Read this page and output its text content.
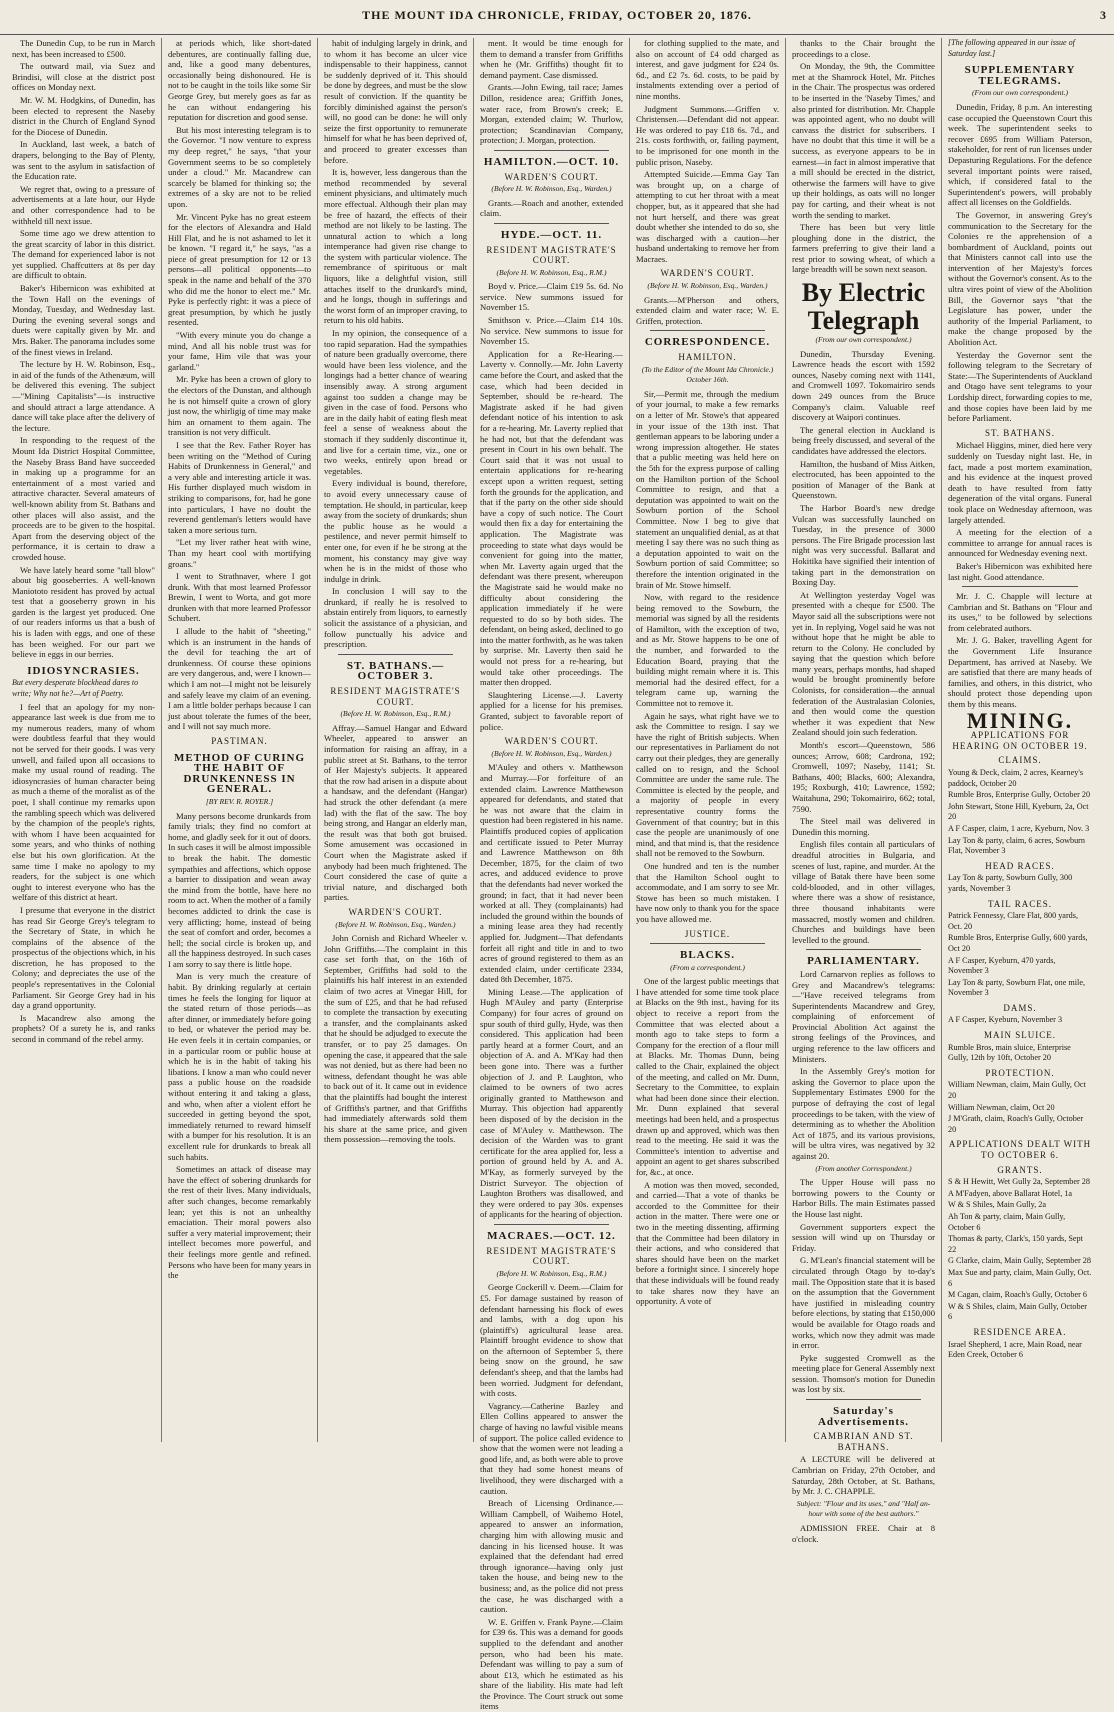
THE MOUNT IDA CHRONICLE, FRIDAY, OCTOBER 20, 1876.	3
The Dunedin Cup, to be run in March next, has been increased to £500.
The outward mail, via Suez and Brindisi, will close at the district post offices on Monday next.
Mr. W. M. Hodgkins, of Dunedin, has been elected to represent the Naseby district in the Church of England Synod for the Diocese of Dunedin.
In Auckland, last week, a batch of drapers, belonging to the Bay of Plenty, was sent to the asylum in satisfaction of the Education rate.
We regret that, owing to a pressure of advertisements at a late hour, our Hyde and other correspondence had to be withheld till next issue.
Some time ago we drew attention to the great scarcity of labor in this district. The demand for experienced labor is not yet supplied. Chaffcutters at 8s per day are difficult to obtain.
Baker's Hibernicon was exhibited at the Town Hall on the evenings of Monday, Tuesday, and Wednesday last. During the evening several songs and duets were capitally given by Mr. and Mrs. Baker. The panorama includes some of the finest views in Ireland.
The lecture by H. W. Robinson, Esq., in aid of the funds of the Athenæum, will be delivered this evening. The subject—"Mining Capitalists"—is instructive and should attract a large attendance. A dance will take place after the delivery of the lecture.
In responding to the request of the Mount Ida District Hospital Committee, the Naseby Brass Band have succeeded in making up a programme for an entertainment of a most varied and attractive character. Several amateurs of well-known ability from St. Bathans and other places will also assist, and the proceeds are to be given to the hospital. Apart from the deserving object of the performance, it is certain to draw a crowded house.
We have lately heard some "tall blow" about big gooseberries. A well-known Maniototo resident has proved by actual test that a gooseberry grown in his garden is the largest yet produced. One of our readers informs us that a bush of his is laden with eggs, and one of these has been weighed. For our part we believe in eggs in our berries.
IDIOSYNCRASIES.
But every desperate blockhead dares to write; Why not he?—Art of Poetry.
I feel that an apology for my non-appearance last week is due from me to my numerous readers, many of whom were doubtless fearful that they would not be served for their goods. I was very unwell, and failed upon all occasions to make my usual round of reading. The idiosyncrasies of human character being as much a theme of the moralist as of the poet, I shall continue my remarks upon the rambling speech which was delivered by the champion of the people's rights, with whom I have been acquainted for some years, and who thinks of nothing else but his own glorification. At the same time I make no apology to my readers, for the subject is one which ought to interest everyone who has the welfare of this district at heart.
I presume that everyone in the district has read Sir George Grey's telegram to the Secretary of State, in which he complains of the absence of the prospectus of the objections which, in his discretion, he has proposed to the Colony; and depreciates the use of the people's representatives in the Colonial Parliament. Sir George Grey had in his day a grand opportunity.
Is Macandrew also among the prophets? Of a surety he is, and ranks second in command of the rebel army.
at periods which, like short-dated debentures, are continually falling due, and, like a good many debentures, occasionally being dishonoured. He is not to be caught in the toils like some Sir George Grey, but merely goes as far as he can without endangering his reputation for discretion and good sense.
But his most interesting telegram is to the Governor. "I now venture to express my deep regret," he says, "that your Government seems to be so completely under a cloud." Mr. Macandrew can scarcely be blamed for thinking so; the extremes of a sky are not to be relied upon.
Mr. Vincent Pyke has no great esteem for the electors of Alexandra and Hald Hill Flat, and he is not ashamed to let it be known. "I regard it," he says, "as a piece of great presumption for 12 or 13 persons—all political opponents—to speak in the name and behalf of the 370 who did me the honor to elect me." Mr. Pyke is perfectly right: it was a piece of great presumption, by which he justly resented.
"With every minute you do change a mind, And all his noble trust was for your fame, Him vile that was your garland."
Mr. Pyke has been a crown of glory to the electors of the Dunstan, and although he is not himself quite a crown of glory just now, the whirligig of time may make him an ornament to them again. The transition is not very difficult.
I see that the Rev. Father Royer has been writing on the "Method of Curing Habits of Drunkenness in General," and a very able and interesting article it was. His further displayed much wisdom in striking to comparisons, for, had he gone into particulars, I have no doubt the reverend gentleman's letters would have taken a more serious turn.
"Let my liver rather heat with wine, Than my heart cool with mortifying groans."
I went to Strathnaver, where I got drunk. With that most learned Professor Brewin, I went to Worta, and got more drunken with that more learned Professor Schubert.
I allude to the habit of "sheeting," which is an instrument in the hands of the devil for teaching the art of drunkenness. Of course these opinions are very dangerous, and, were I known—which I am not—I might not be leisurely and safely leave my claim of an evening. I am a little bolder perhaps because I can just about tolerate the fumes of the beer, and I will not say much more.
PASTIMAN.
METHOD OF CURING THE HABIT OF DRUNKENNESS IN GENERAL.
[BY REV. R. ROYER.]
Many persons become drunkards from family trials; they find no comfort at home, and gladly seek for it out of doors. In such cases it will be almost impossible to break the habit. The domestic sympathies and affections, which oppose a barrier to dissipation and wean away the mind from the bottle, have here no room to act. When the mother of a family becomes addicted to drink the case is very afflicting; home, instead of being the seat of comfort and order, becomes a hell; the social circle is broken up, and all the happiness destroyed. In such cases I am sorry to say there is little hope.
Man is very much the creature of habit. By drinking regularly at certain times he feels the longing for liquor at the stated return of those periods—as after dinner, or immediately before going to bed, or whatever the period may be. He even feels it in certain companies, or in a particular room or public house at which he is in the habit of taking his libations. I know a man who could never pass a public house on the roadside without entering it and taking a glass, and who, when after a violent effort he succeeded in getting beyond the spot, immediately returned to reward himself with a bumper for his resolution. It is an excellent rule for drunkards to break all such habits.
Sometimes an attack of disease may have the effect of sobering drunkards for the rest of their lives. Many individuals, after such changes, become remarkably lean; yet this is not an unhealthy emaciation. Their moral powers also suffer a very material improvement; their intellect becomes more powerful, and their feelings more gentle and refined. Persons who have been for many years in the
habit of indulging largely in drink, and to whom it has become an ulcer vice indispensable to their happiness, cannot be suddenly deprived of it. This should be done by degrees, and must be the slow result of conviction. If the quantity be forcibly diminished against the person's will, no good can be done: he will only seize the first opportunity to remunerate himself for what he has been deprived of, and proceed to greater excesses than before.
It is, however, less dangerous than the method recommended by several eminent physicians, and ultimately much more effectual. Although their plan may be free of hazard, the effects of their method are not likely to be lasting. The unnatural action to which a long intemperance had given rise change to the system with particular violence. The remembrance of spirituous or malt liquors, like a delightful vision, still attaches itself to the drunkard's mind, and he longs, though in sufferings and the worst form of an improper craving, to return to his old habits.
In my opinion, the consequence of a too rapid separation. Had the sympathies of nature been gradually overcome, there would have been less violence, and the longings had a better chance of wearing insensibly away. A strong argument against too sudden a change may be given in the case of food. Persons who are in the daily habit of eating flesh meat feel a sense of weakness about the stomach if they suddenly discontinue it, and live for a certain time, viz., one or two weeks, entirely upon bread or vegetables.
Every individual is bound, therefore, to avoid every unnecessary cause of temptation. He should, in particular, keep away from the society of drunkards; shun the public house as he would a pestilence, and never permit himself to enter one, for even if he be strong at the moment, his constancy may give way when he is in the midst of those who indulge in drink.
In conclusion I will say to the drunkard, if really he is resolved to abstain entirely from liquors, to earnestly solicit the assistance of a physician, and follow punctually his advice and prescription.
ST. BATHANS.—OCTOBER 3.
RESIDENT MAGISTRATE'S COURT.
(Before H. W. Robinson, Esq., R.M.)
Affray.—Samuel Hangar and Edward Wheeler, appeared to answer an information for raising an affray, in a public street at St. Bathans, to the terror of Her Majesty's subjects. It appeared that the row had arisen in a dispute about a handsaw, and the defendant (Hangar) had struck the other defendant (a mere lad) with the flat of the saw. The boy being strong, and Hangar an elderly man, the result was that both got bruised. Some amusement was occasioned in Court when the Magistrate asked if anybody had been much frightened. The Court considered the case of quite a trivial nature, and discharged both parties.
WARDEN'S COURT.
(Before H. W. Robinson, Esq., Warden.)
John Cornish and Richard Wheeler v. John Griffiths.—The complaint in this case set forth that, on the 16th of September, Griffiths had sold to the plaintiffs his half interest in an extended claim of two acres at Vinegar Hill, for the sum of £25, and that he had refused to complete the transaction by executing a transfer, and the complainants asked that he should be adjudged to execute the transfer, or to pay 25 damages. On opening the case, it appeared that the sale was not denied, but as there had been no witness, defendant thought he was able to back out of it. It came out in evidence that the plaintiffs had bought the interest of Griffiths's partner, and that Griffiths had immediately afterwards sold them his share at the same price, and given them possession—removing the tools.
ment. It would be time enough for them to demand a transfer from Griffiths when he (Mr. Griffiths) thought fit to demand payment. Case dismissed.
Grants.—John Ewing, tail race; James Dillon, residence area; Griffith Jones, water race, from Brown's creek; E. Morgan, extended claim; W. Thurlow, protection; Scandinavian Company, protection; J. Morgan, protection.
HAMILTON.—OCT. 10.
WARDEN'S COURT.
(Before H. W. Robinson, Esq., Warden.)
Grants.—Roach and another, extended claim.
HYDE.—OCT. 11.
RESIDENT MAGISTRATE'S COURT.
(Before H. W. Robinson, Esq., R.M.)
Boyd v. Price.—Claim £19 5s. 6d. No service. New summons issued for November 15.
Smithson v. Price.—Claim £14 10s. No service. New summons to issue for November 15.
Application for a Re-Hearing.—Laverty v. Connolly.—Mr. John Laverty came before the Court, and asked that the case, which had been decided in September, should be re-heard. The Magistrate asked if he had given defendant notice of his intention to ask for a re-hearing. Mr. Laverty replied that he had not, but that the defendant was present in Court in his own behalf. The Court said that it was not usual to entertain applications for re-hearing except upon a written request, setting forth the grounds for the application, and that if the party on the other side should have a copy of such notice. The Court would then fix a day for entertaining the application. The Magistrate was proceeding to state what days would be convenient for going into the matter, when Mr. Laverty again urged that the defendant was there present, whereupon the Magistrate said he would make no difficulty about considering the application immediately if he were requested to do so by both sides. The defendant, on being asked, declined to go into the matter forthwith, as he was taken by surprise. Mr. Laverty then said he would not press for a re-hearing, but would take other proceedings. The matter then dropped.
Slaughtering License.—J. Laverty applied for a license for his premises. Granted, subject to favorable report of police.
WARDEN'S COURT.
(Before H. W. Robinson, Esq., Warden.)
M'Auley and others v. Matthewson and Murray.—For forfeiture of an extended claim. Lawrence Matthewson appeared for defendants, and stated that he was not aware that the claim in question had been registered in his name. Plaintiffs produced copies of application and certificate issued to Peter Murray and Lawrence Matthewson on 8th December, 1875, for the claim of two acres, and adduced evidence to prove that the defendants had never worked the ground; in fact, that it had never been worked at all. They (complainants) had included the ground within the bounds of a mining lease area they had recently applied for. Judgment—That defendants forfeit all right and title in and to two acres of ground registered to them as an extended claim, under certificate 2334, dated 8th December, 1875.
Mining Lease.—The application of Hugh M'Auley and party (Enterprise Company) for four acres of ground on spur south of third gully, Hyde, was then considered. This application had been partly heard at a former Court, and an objection of A. and A. M'Kay had then been gone into. There was a further objection of J. and P. Laughton, who claimed to be owners of two acres originally granted to Matthewson and Murray. This objection had apparently been disposed of by the decision in the case of M'Auley v. Matthewson. The decision of the Warden was to grant certificate for the area applied for, less a portion of ground held by A. and A. M'Kay, as formerly surveyed by the District Surveyor. The objection of Laughton Brothers was disallowed, and they were ordered to pay 30s. expenses of applicants for the hearing of objection.
MACRAES.—OCT. 12.
RESIDENT MAGISTRATE'S COURT.
(Before H. W. Robinson, Esq., R.M.)
George Cockerill v. Deem.—Claim for £5. For damage sustained by reason of defendant harnessing his flock of ewes and lambs, with a dog upon his (plaintiff's) agricultural lease area. Plaintiff brought evidence to show that on the afternoon of September 5, there being snow on the ground, he saw defendant's sheep, and that the lambs had been worried. Judgment for defendant, with costs.
Vagrancy.—Catherine Bazley and Ellen Collins appeared to answer the charge of having no lawful visible means of support. The police called evidence to show that the women were not leading a good life, and, as both were able to prove that they had some honest means of livelihood, they were discharged with a caution.
Breach of Licensing Ordinance.—William Campbell, of Waihemo Hotel, appeared to answer an information, charging him with allowing music and dancing in his licensed house. It was explained that the defendant had erred through ignorance—having only just taken the house, and being new to the business; and, as the police did not press the case, he was discharged with a caution.
W. E. Griffen v. Frank Payne.—Claim for £39 6s. This was a demand for goods supplied to the defendant and another person, who had been his mate. Defendant was willing to pay a sum of about £13, which he estimated as his share of the liability. His mate had left the Province. The Court struck out some items
for clothing supplied to the mate, and also on account of £4 odd charged as interest, and gave judgment for £24 0s. 6d., and £2 7s. 6d. costs, to be paid by instalments extending over a period of nine months.
Judgment Summons.—Griffen v. Christensen.—Defendant did not appear. He was ordered to pay £18 6s. 7d., and 21s. costs forthwith, or, failing payment, to be imprisoned for one month in the public prison, Naseby.
Attempted Suicide.—Emma Gay Tan was brought up, on a charge of attempting to cut her throat with a meat chopper, but, as it appeared that she had not hurt herself, and there was great doubt whether she intended to do so, she was discharged with a caution—her husband undertaking to remove her from Macraes.
WARDEN'S COURT.
(Before H. W. Robinson, Esq., Warden.)
Grants.—M'Pherson and others, extended claim and water race; W. E. Griffen, protection.
CORRESPONDENCE.
HAMILTON.
(To the Editor of the Mount Ida Chronicle.) October 16th.
Sir,—Permit me, through the medium of your journal, to make a few remarks on a letter of Mr. Stowe's that appeared in your issue of the 13th inst. That gentleman appears to be laboring under a wrong impression altogether. He states that a public meeting was held here on the 5th for the express purpose of calling on the Hamilton portion of the School Committee to resign, and that a deputation was appointed to wait on the Sowburn portion of the School Committee. Now I beg to give that statement an unqualified denial, as at that meeting I say there was no such thing as a deputation appointed to wait on the Sowburn portion of said Committee; so therefore the intention originated in the brain of Mr. Stowe himself.
Now, with regard to the residence being removed to the Sowburn, the memorial was signed by all the residents of Hamilton, with the exception of two, and as Mr. Stowe happens to be one of the number, and forwarded to the Education Board, praying that the building might remain where it is. This memorial had the desired effect, for a telegram came up, warning the Committee not to remove it.
Again he says, what right have we to ask the Committee to resign. I say we have the right of British subjects. When our representatives in Parliament do not carry out their pledges, they are generally called on to resign, and the School Committee are under the same rule. The Committee is elected by the people, and a majority of people in every representative country forms the Government of that country; but in this case the people are unanimously of one mind, and that mind is, that the residence shall not be removed to the Sowburn.
One hundred and ten is the number that the Hamilton School ought to accommodate, and I am sorry to see Mr. Stowe has been so much mistaken. I have now only to thank you for the space you have allowed me.
JUSTICE.
BLACKS.
(From a correspondent.)
One of the largest public meetings that I have attended for some time took place at Blacks on the 9th inst., having for its object to receive a report from the Committee that was elected about a month ago to take steps to form a Company for the erection of a flour mill at Blacks. Mr. Thomas Dunn, being called to the Chair, explained the object of the meeting, and called on Mr. Dunn, Secretary to the Committee, to explain what had been done since their election. Mr. Dunn explained that several meetings had been held, and a prospectus drawn up and approved, which was then read to the meeting. He said it was the Committee's intention to advertise and appoint an agent to get shares subscribed for, &c., at once.
A motion was then moved, seconded, and carried—That a vote of thanks be accorded to the Committee for their action in the matter. There were one or two in the meeting dissenting, affirming that the Committee had been dilatory in their actions, and who considered that shares should have been on the market before a fortnight since. I sincerely hope that these individuals will be found ready to take shares now they have an opportunity. A vote of
thanks to the Chair brought the proceedings to a close.
On Monday, the 9th, the Committee met at the Shamrock Hotel, Mr. Pitches in the Chair. The prospectus was ordered to be inserted in the 'Naseby Times,' and also printed for distribution. Mr. Chapple was appointed agent, who no doubt will canvass the district for subscribers. I have no doubt that this time it will be a success, as everyone appears to be in earnest—in fact in almost imperative that a mill should be erected in the district, otherwise the farmers will have to give up their holdings, as oats will no longer pay for carting, and their wheat is not worth the sending to market.
There has been but very little ploughing done in the district, the farmers preferring to give their land a rest prior to sowing wheat, of which a large breadth will be sown next season.
By Electric Telegraph
(From our own correspondent.)
Dunedin, Thursday Evening. Lawrence heads the escort with 1592 ounces, Naseby coming next with 1141, and Cromwell 1097. Tokomairiro sends down 249 ounces from the Bruce Company's claim. Valuable reef discovery at Waipori continues.
The general election in Auckland is being freely discussed, and several of the candidates have addressed the electors.
Hamilton, the husband of Miss Aitken, electrocuted, has been appointed to the position of Manager of the Bank at Queenstown.
The Harbor Board's new dredge Vulcan was successfully launched on Tuesday, in the presence of 3000 persons. The Fire Brigade procession last night was very successful. Ballarat and Hokitika have signified their intention of taking part in the demonstration on Boxing Day.
At Wellington yesterday Vogel was presented with a cheque for £500. The Mayor said all the subscriptions were not yet in. In replying, Vogel said he was not without hope that he might be able to return to the Colony. He concluded by saying that the question which before many years, perhaps months, had shaped would be brought prominently before Colonists, for consideration—the annual federation of the Australasian Colonies, and then would come the question whether it was expedient that New Zealand should join such federation.
Month's escort—Queenstown, 586 ounces; Arrow, 608; Cardrona, 192; Cromwell, 1097; Naseby, 1141; St. Bathans, 400; Blacks, 600; Alexandra, 195; Roxburgh, 410; Lawrence, 1592; Waitahuna, 290; Tokomairiro, 662; total, 7590.
The Steel mail was delivered in Dunedin this morning.
English files contain all particulars of dreadful atrocities in Bulgaria, and scenes of lust, rapine, and murder. At the village of Batak there have been some cold-blooded, and in other villages, where there was a show of resistance, three thousand inhabitants were massacred, mostly women and children. Churches and buildings have been levelled to the ground.
PARLIAMENTARY.
Lord Carnarvon replies as follows to Grey and Macandrew's telegrams:—"Have received telegrams from Superintendents Macandrew and Grey, complaining of enforcement of Provincial Abolition Act against the strong feelings of the Provinces, and urging reference to the law officers and Ministers.
In the Assembly Grey's motion for asking the Governor to place upon the Supplementary Estimates £900 for the purpose of defraying the cost of legal proceedings to be taken, with the view of determining as to whether the Abolition Act of 1875, and its various provisions, will be ultra vires, was negatived by 32 against 20.
(From another Correspondent.)
The Upper House will pass no borrowing powers to the County or Harbor Bills. The main Estimates passed the House last night.
Government supporters expect the session will wind up on Thursday or Friday.
G. M'Lean's financial statement will be circulated through Otago by to-day's mail. The Opposition state that it is based on the assumption that the Government have justified in misleading country before elections, by stating that £150,000 would be available for Otago roads and works, which now they admit was made in error.
Pyke suggested Cromwell as the meeting place for General Assembly next session. Thomson's motion for Dunedin was lost by six.
Saturday's Advertisements.
CAMBRIAN AND ST. BATHANS.
A LECTURE will be delivered at Cambrian on Friday, 27th October, and Saturday, 28th October, at St. Bathans, by Mr. J. C. CHAPPLE.
Subject: "Flour and its uses," and "Half an-hour with some of the best authors."
ADMISSION FREE. Chair at 8 o'clock.
[The following appeared in our issue of Saturday last.]
SUPPLEMENTARY TELEGRAMS.
(From our own correspondent.)
Dunedin, Friday, 8 p.m. An interesting case occupied the Queenstown Court this week. The superintendent seeks to recover £695 from William Paterson, stakeholder, for rent of run licenses under Depasturing Regulations. For the defence several important points were raised, which, if considered fatal to the Superintendent's powers, will probably affect all licenses on the Goldfields.
The Governor, in answering Grey's communication to the Secretary for the Colonies re the apprehension of a bombardment of Auckland, points out that Ministers cannot call into use the intervention of her Majesty's forces without the Governor's consent. As to the ultra vires point of view of the Abolition Bill, the Governor says "that the Legislature has power, under the authority of the Imperial Parliament, to make the change proposed by the Abolition Act.
Yesterday the Governor sent the following telegram to the Secretary of State:—The Superintendents of Auckland and Otago have sent telegrams to your Lordship direct, forwarding copies to me, and those copies have been laid by me before Parliament.
ST. BATHANS.
Michael Higgins, miner, died here very suddenly on Tuesday night last. He, in fact, made a post mortem examination, and his evidence at the inquest proved death to have resulted from fatty degeneration of the vital organs. Funeral took place on Wednesday afternoon, was largely attended.
A meeting for the election of a committee to arrange for annual races is announced for Wednesday evening next.
Baker's Hibernicon was exhibited here last night. Good attendance.
Mr. J. C. Chapple will lecture at Cambrian and St. Bathans on "Flour and its uses," to be followed by selections from celebrated authors.
Mr. J. G. Baker, travelling Agent for the Government Life Insurance Department, has arrived at Naseby. We are satisfied that there are many heads of families, and others, in this district, who should protect those depending upon them by this means.
MINING.
APPLICATIONS FOR HEARING ON OCTOBER 19.
CLAIMS.
Young & Deck, claim, 2 acres, Kearney's paddock, October 20
Rumble Bros, Enterprise Gully, October 20
John Stewart, Stone Hill, Kyeburn, 2a, Oct 20
A F Casper, claim, 1 acre, Kyeburn, Nov. 3
Lay Ton & party, claim, 6 acres, Sowburn Flat, November 3
HEAD RACES.
Lay Ton & party, Sowburn Gully, 300 yards, November 3
TAIL RACES.
Patrick Fennessy, Clare Flat, 800 yards, Oct. 20
Rumble Bros, Enterprise Gully, 600 yards, Oct 20
A F Casper, Kyeburn, 470 yards, November 3
Lay Ton & party, Sowburn Flat, one mile, November 3
DAMS.
A F Casper, Kyeburn, November 3
MAIN SLUICE.
Rumble Bros, main sluice, Enterprise Gully, 12th by 10ft, October 20
PROTECTION.
William Newman, claim, Main Gully, Oct 20
William Newman, claim, Oct 20
J M'Grath, claim, Roach's Gully, October 20
APPLICATIONS DEALT WITH TO OCTOBER 6.
GRANTS.
S & H Hewitt, Wet Gully 2a, September 28
A M'Fadyen, above Ballarat Hotel, 1a
W & S Shiles, Main Gully, 2a
Ah Ton & party, claim, Main Gully, October 6
Thomas & party, Clark's, 150 yards, Sept 22
G Clarke, claim, Main Gully, September 28
Max Sue and party, claim, Main Gully, Oct. 6
M Cagan, claim, Roach's Gully, October 6
W & S Shiles, claim, Main Gully, October 6
RESIDENCE AREA.
Israel Shepherd, 1 acre, Main Road, near Eden Creek, October 6
